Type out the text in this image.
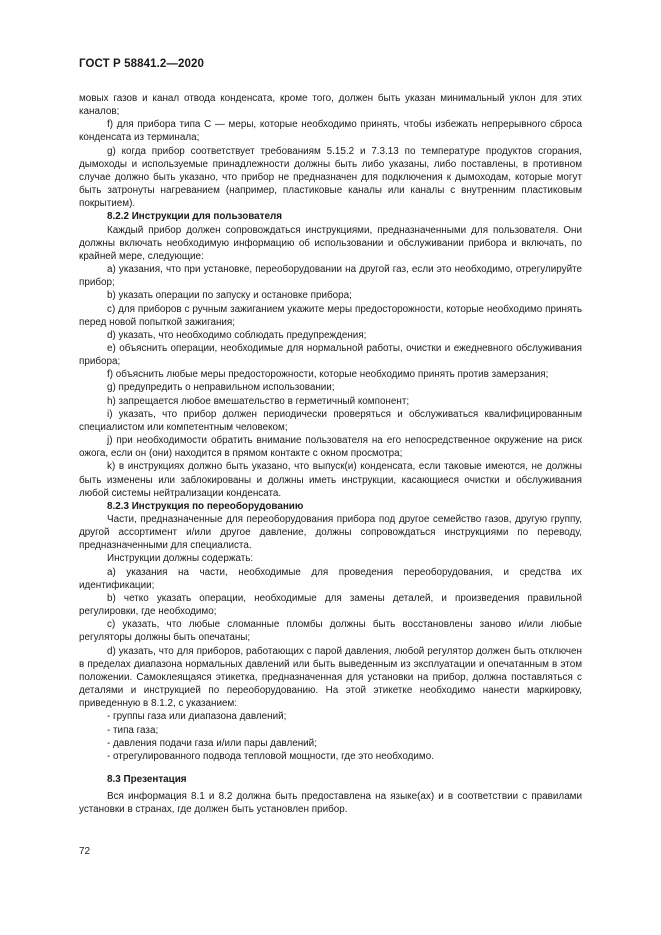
ГОСТ Р 58841.2—2020

мовых газов и канал отвода конденсата, кроме того, должен быть указан минимальный уклон для этих каналов;

f) для прибора типа C — меры, которые необходимо принять, чтобы избежать непрерывного сброса конденсата из терминала;

g) когда прибор соответствует требованиям 5.15.2 и 7.3.13 по температуре продуктов сгорания, дымоходы и используемые принадлежности должны быть либо указаны, либо поставлены, в противном случае должно быть указано, что прибор не предназначен для подключения к дымоходам, которые могут быть затронуты нагреванием (например, пластиковые каналы или каналы с внутренним пластиковым покрытием).

8.2.2 Инструкции для пользователя

Каждый прибор должен сопровождаться инструкциями, предназначенными для пользователя. Они должны включать необходимую информацию об использовании и обслуживании прибора и включать, по крайней мере, следующие:

a) указания, что при установке, переоборудовании на другой газ, если это необходимо, отрегулируйте прибор;

b) указать операции по запуску и остановке прибора;

c) для приборов с ручным зажиганием укажите меры предосторожности, которые необходимо принять перед новой попыткой зажигания;

d) указать, что необходимо соблюдать предупреждения;

e) объяснить операции, необходимые для нормальной работы, очистки и ежедневного обслуживания прибора;

f) объяснить любые меры предосторожности, которые необходимо принять против замерзания;

g) предупредить о неправильном использовании;

h) запрещается любое вмешательство в герметичный компонент;

i) указать, что прибор должен периодически проверяться и обслуживаться квалифицированным специалистом или компетентным человеком;

j) при необходимости обратить внимание пользователя на его непосредственное окружение на риск ожога, если он (они) находится в прямом контакте с окном просмотра;

k) в инструкциях должно быть указано, что выпуск(и) конденсата, если таковые имеются, не должны быть изменены или заблокированы и должны иметь инструкции, касающиеся очистки и обслуживания любой системы нейтрализации конденсата.

8.2.3 Инструкция по переоборудованию

Части, предназначенные для переоборудования прибора под другое семейство газов, другую группу, другой ассортимент и/или другое давление, должны сопровождаться инструкциями по переводу, предназначенными для специалиста.

Инструкции должны содержать:

a) указания на части, необходимые для проведения переоборудования, и средства их идентификации;

b) четко указать операции, необходимые для замены деталей, и произведения правильной регулировки, где необходимо;

c) указать, что любые сломанные пломбы должны быть восстановлены заново и/или любые регуляторы должны быть опечатаны;

d) указать, что для приборов, работающих с парой давления, любой регулятор должен быть отключен в пределах диапазона нормальных давлений или быть выведенным из эксплуатации и опечатанным в этом положении. Самоклеящаяся этикетка, предназначенная для установки на прибор, должна поставляться с деталями и инструкцией по переоборудованию. На этой этикетке необходимо нанести маркировку, приведенную в 8.1.2, с указанием:

- группы газа или диапазона давлений;

- типа газа;

- давления подачи газа и/или пары давлений;

- отрегулированного подвода тепловой мощности, где это необходимо.

8.3 Презентация

Вся информация 8.1 и 8.2 должна быть предоставлена на языке(ах) и в соответствии с правилами установки в странах, где должен быть установлен прибор.

72
